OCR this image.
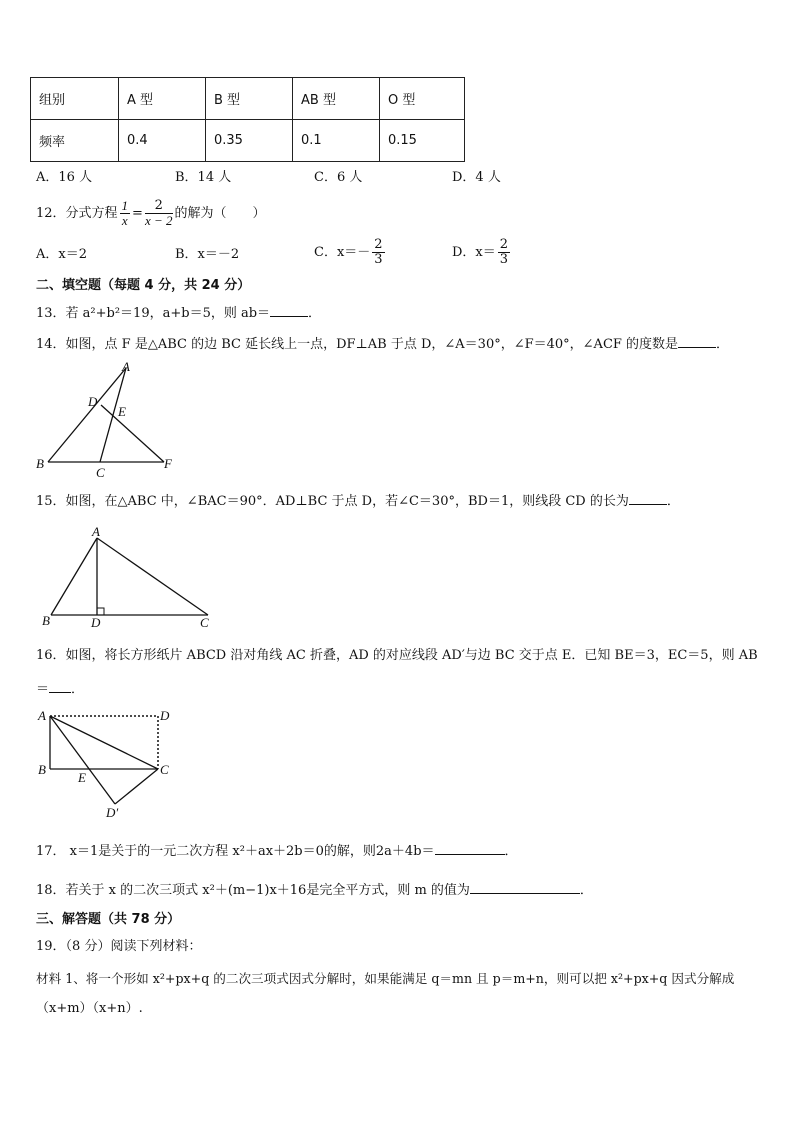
组别	A 型	B 型	AB 型	O 型
频率	0.4	0.35	0.1	0.15
A．16 人	B．14 人	C．6 人	D．4 人
12．分式方程 $\frac{1}{x} = \frac{2}{x - 2}$ 的解为（　　）
A．x＝2	B．x＝－2	C．$x=- \frac{2}{3}$	D．$x= \frac{2}{3}$
二、填空题（每题 4 分，共 24 分）
13．若 a²+b²＝19，a+b＝5，则 ab＝	．
14．如图，点 F 是△ABC 的边 BC 延长线上一点，DF⊥AB 于点 D，∠A＝30°，∠F＝40°，∠ACF 的度数是	．
A
D
E
B
C
F
15．如图，在△ABC 中，∠BAC＝90°．AD⊥BC 于点 D，若∠C＝30°，BD＝1，则线段 CD 的长为	．
A
B	D	C
16．如图，将长方形纸片 ABCD 沿对角线 AC 折叠，AD 的对应线段 AD′与边 BC 交于点 E．已知 BE＝3，EC＝5，则 AB
＝ ．
A	D
B	C
E
D′
17． x＝1是关于的一元二次方程 x²＋ax＋2b＝0的解，则2a＋4b＝	．
18．若关于 x 的二次三项式 x²＋(m−1)x＋16是完全平方式，则 m 的值为	．
三、解答题（共 78 分）
19．（8 分）阅读下列材料：
材料 1、将一个形如 x²+px+q 的二次三项式因式分解时，如果能满足 q＝mn 且 p＝m+n，则可以把 x²+px+q 因式分解成
（x+m）（x+n）.
